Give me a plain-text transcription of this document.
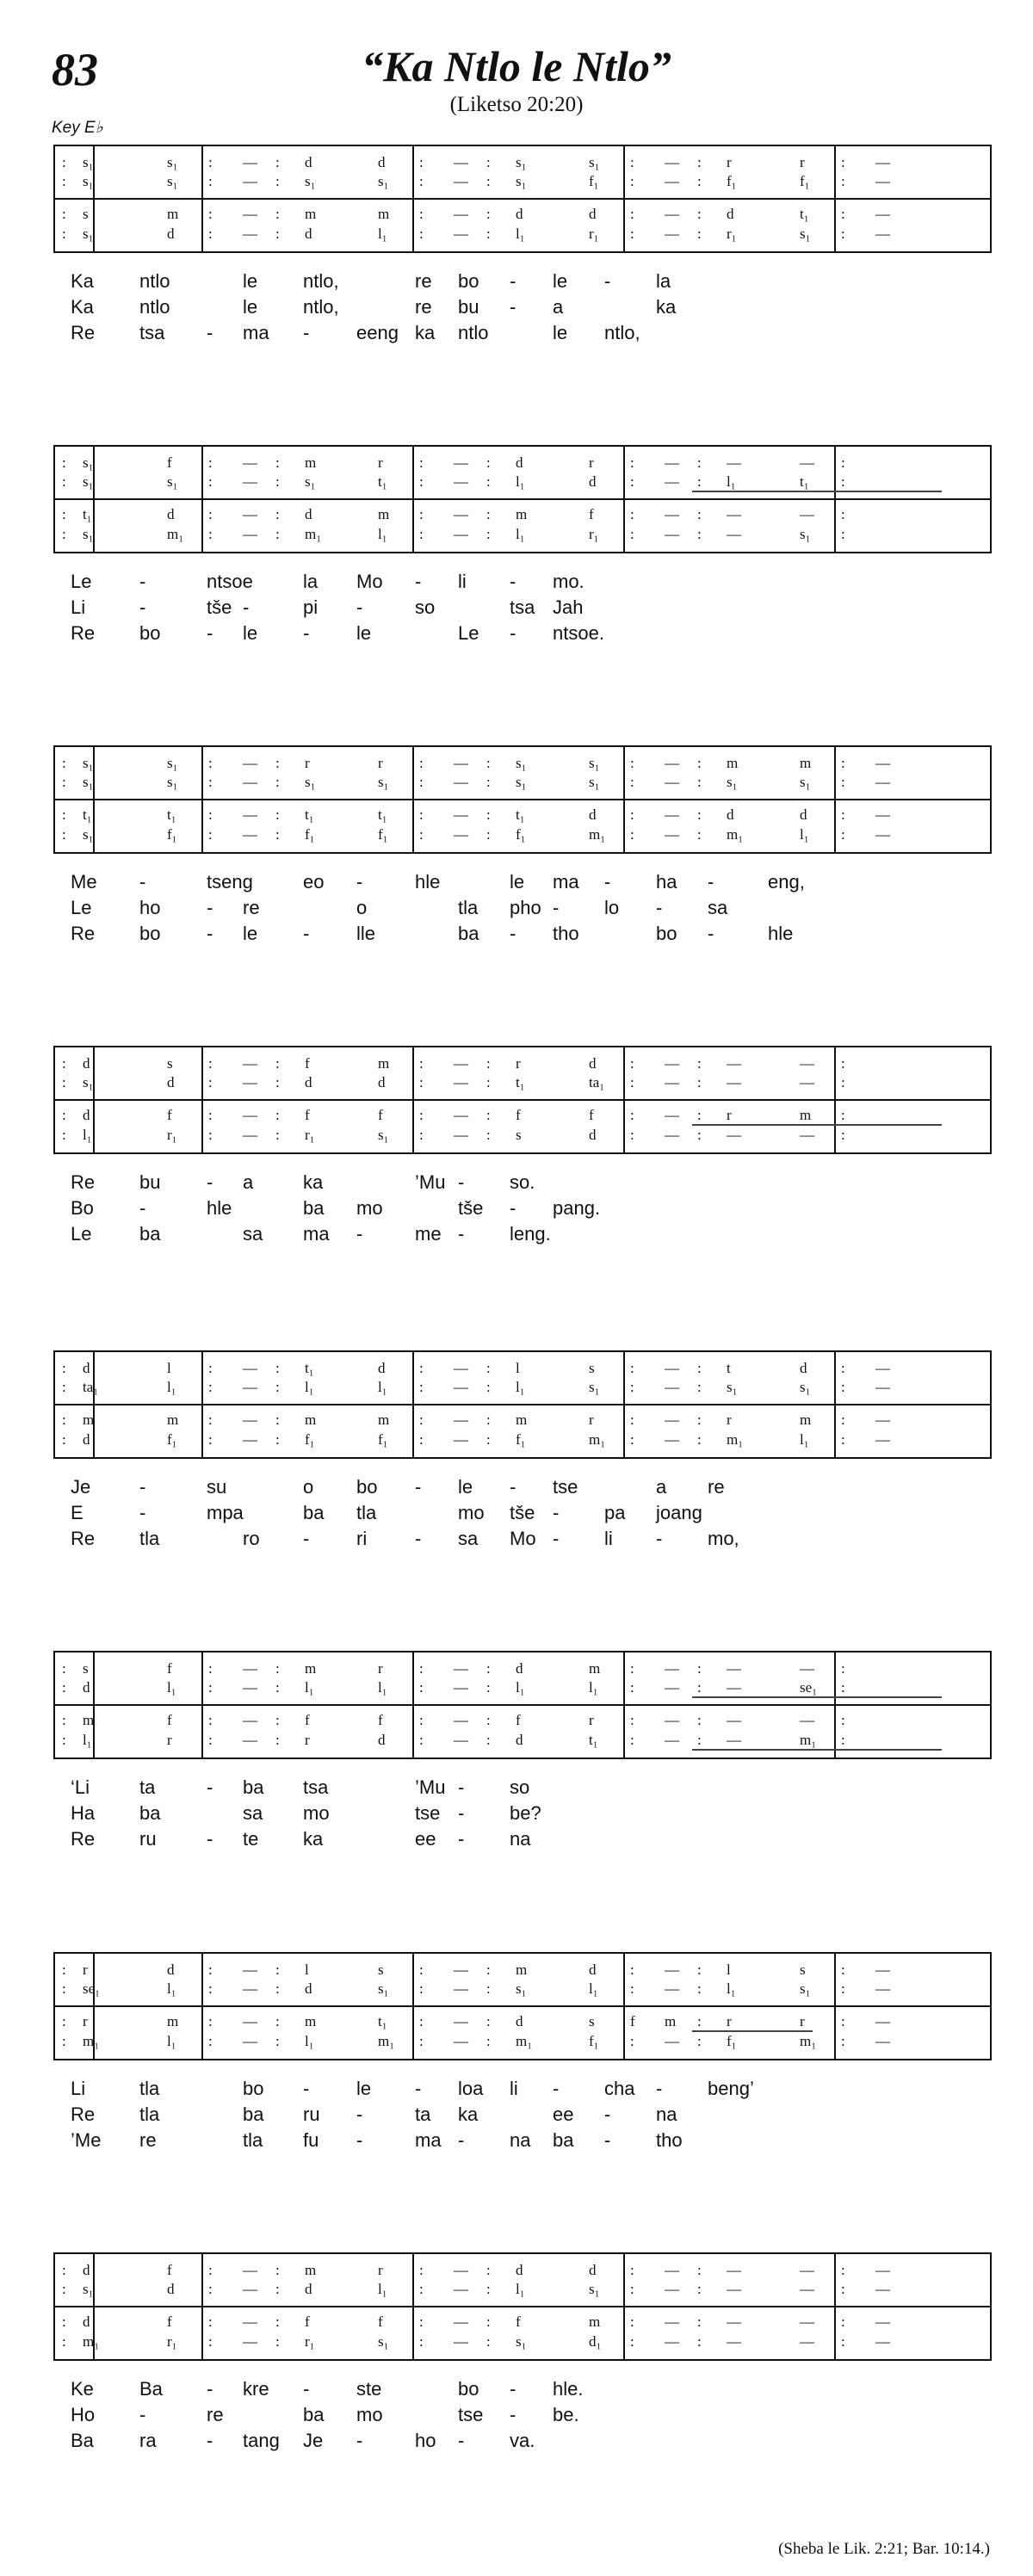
83	“Ka Ntlo le Ntlo”
(Liketso 20:20)
Key E♭
: s₁	s₁ : — : d	d : — : s₁	s₁ : — : r	r : —
: s₁	s₁ : — : s₁	s₁ : — : s₁	f₁ : — : f₁	f₁ : —
: s	m : — : m	m : — : d	d : — : d	t₁ : —
: s₁	d : — : d	l₁ : — : l₁	r₁ : — : r₁	s₁ : —
Ka ntlo	le ntlo,	re bo - le - la
Ka ntlo	le ntlo,	re bu - a	ka
Re tsa - ma - eeng ka ntlo	le ntlo,
: s₁	f : — : m	r : — : d	r : — : —	— :
: s₁	s₁ : — : s₁	t₁ : — : l₁	d : — : l₁	t₁ :
: t₁	d : — : d	m : — : m	f : — : —	— :
: s₁	m₁ : — : m₁	l₁ : — : l₁	r₁ : — : —	s₁ :
Le	-	ntsoe	la Mo - li - mo.
Li	-	tše -	pi -	so	tsa Jah
Re bo - le - le	Le - ntsoe.
: s₁	s₁ : — : r	r : — : s₁	s₁ : — : m	m : —
: s₁	s₁ : — : s₁	s₁ : — : s₁	s₁ : — : s₁	s₁ : —
: t₁	t₁ : — : t₁	t₁ : — : t₁	d : — : d	d : —
: s₁	f₁ : — : f₁	f₁ : — : f₁	m₁ : — : m₁	l₁ : —
Me -	tseng	eo -	hle	le ma - ha -	eng,
Le	ho - re	o	tla pho - lo - sa
Re bo - le - lle	ba - tho	bo -	hle
: d	s : — : f	m : — : r	d : — : —	— :
: s₁	d : — : d	d : — : t₁	ta₁ : — : —	— :
: d	f : — : f	f : — : f	f : — : r	m :
: l₁	r₁ : — : r₁	s₁ : — : s	d : — : —	— :
Re bu - a	ka	’Mu - so.
Bo -	hle	ba mo	tše - pang.
Le	ba	sa ma -	me - leng.
: d	l	: — : t₁	d : — : l	s : — : t	d : —
: ta₁	l₁ : — : l₁	l₁ : — : l₁	s₁ : — : s₁	s₁ : —
: m	m : — : m	m : — : m	r : — : r	m : —
: d	f₁ : — : f₁	f₁ : — : f₁	m₁ : — : m₁	l₁ : —
Je	-	su	o bo - le - tse	a re
E	-	mpa	ba tla	mo tše - pa joang
Re tla	ro - ri	- sa Mo - li - mo,
: s	f : — : m	r : — : d	m : — : —	— :
: d	l₁ : — : l₁	l₁ : — : l₁	l₁ : — : —	se₁ :
: m	f : — : f	f : — : f	r : — : —	— :
: l₁	r : — : r	d : — : d	t₁ : — : —	m₁ :
‘Li	ta	- ba tsa	’Mu - so
Ha ba	sa mo	tse - be?
Re ru	- te ka	ee - na
: r	d : — : l	s : — : m	d : — : l	s : —
: se₁	l₁ : — : d	s₁ : — : s₁	l₁ : — : l₁	s₁ : —
: r	m : — : m	t₁ : — : d	s f m : r	r : —
: m₁	l₁ : — : l₁	m₁ : — : m₁	f₁ : — : f₁	m₁ : —
Li	tla	bo - le - loa li - cha - beng’
Re tla	ba ru -	ta ka	ee - na
’Me re	tla fu -	ma - na ba - tho
: d	f : — : m	r : — : d	d : — : —	— : —
: s₁	d : — : d	l₁ : — : l₁	s₁ : — : —	— : —
: d	f : — : f	f : — : f	m : — : —	— : —
: m₁	r₁ : — : r₁	s₁ : — : s₁	d₁ : — : —	— : —
Ke Ba - kre - ste	bo - hle.
Ho -	re	ba mo	tse - be.
Ba ra	- tang Je -	ho - va.
(Sheba le Lik. 2:21; Bar. 10:14.)
